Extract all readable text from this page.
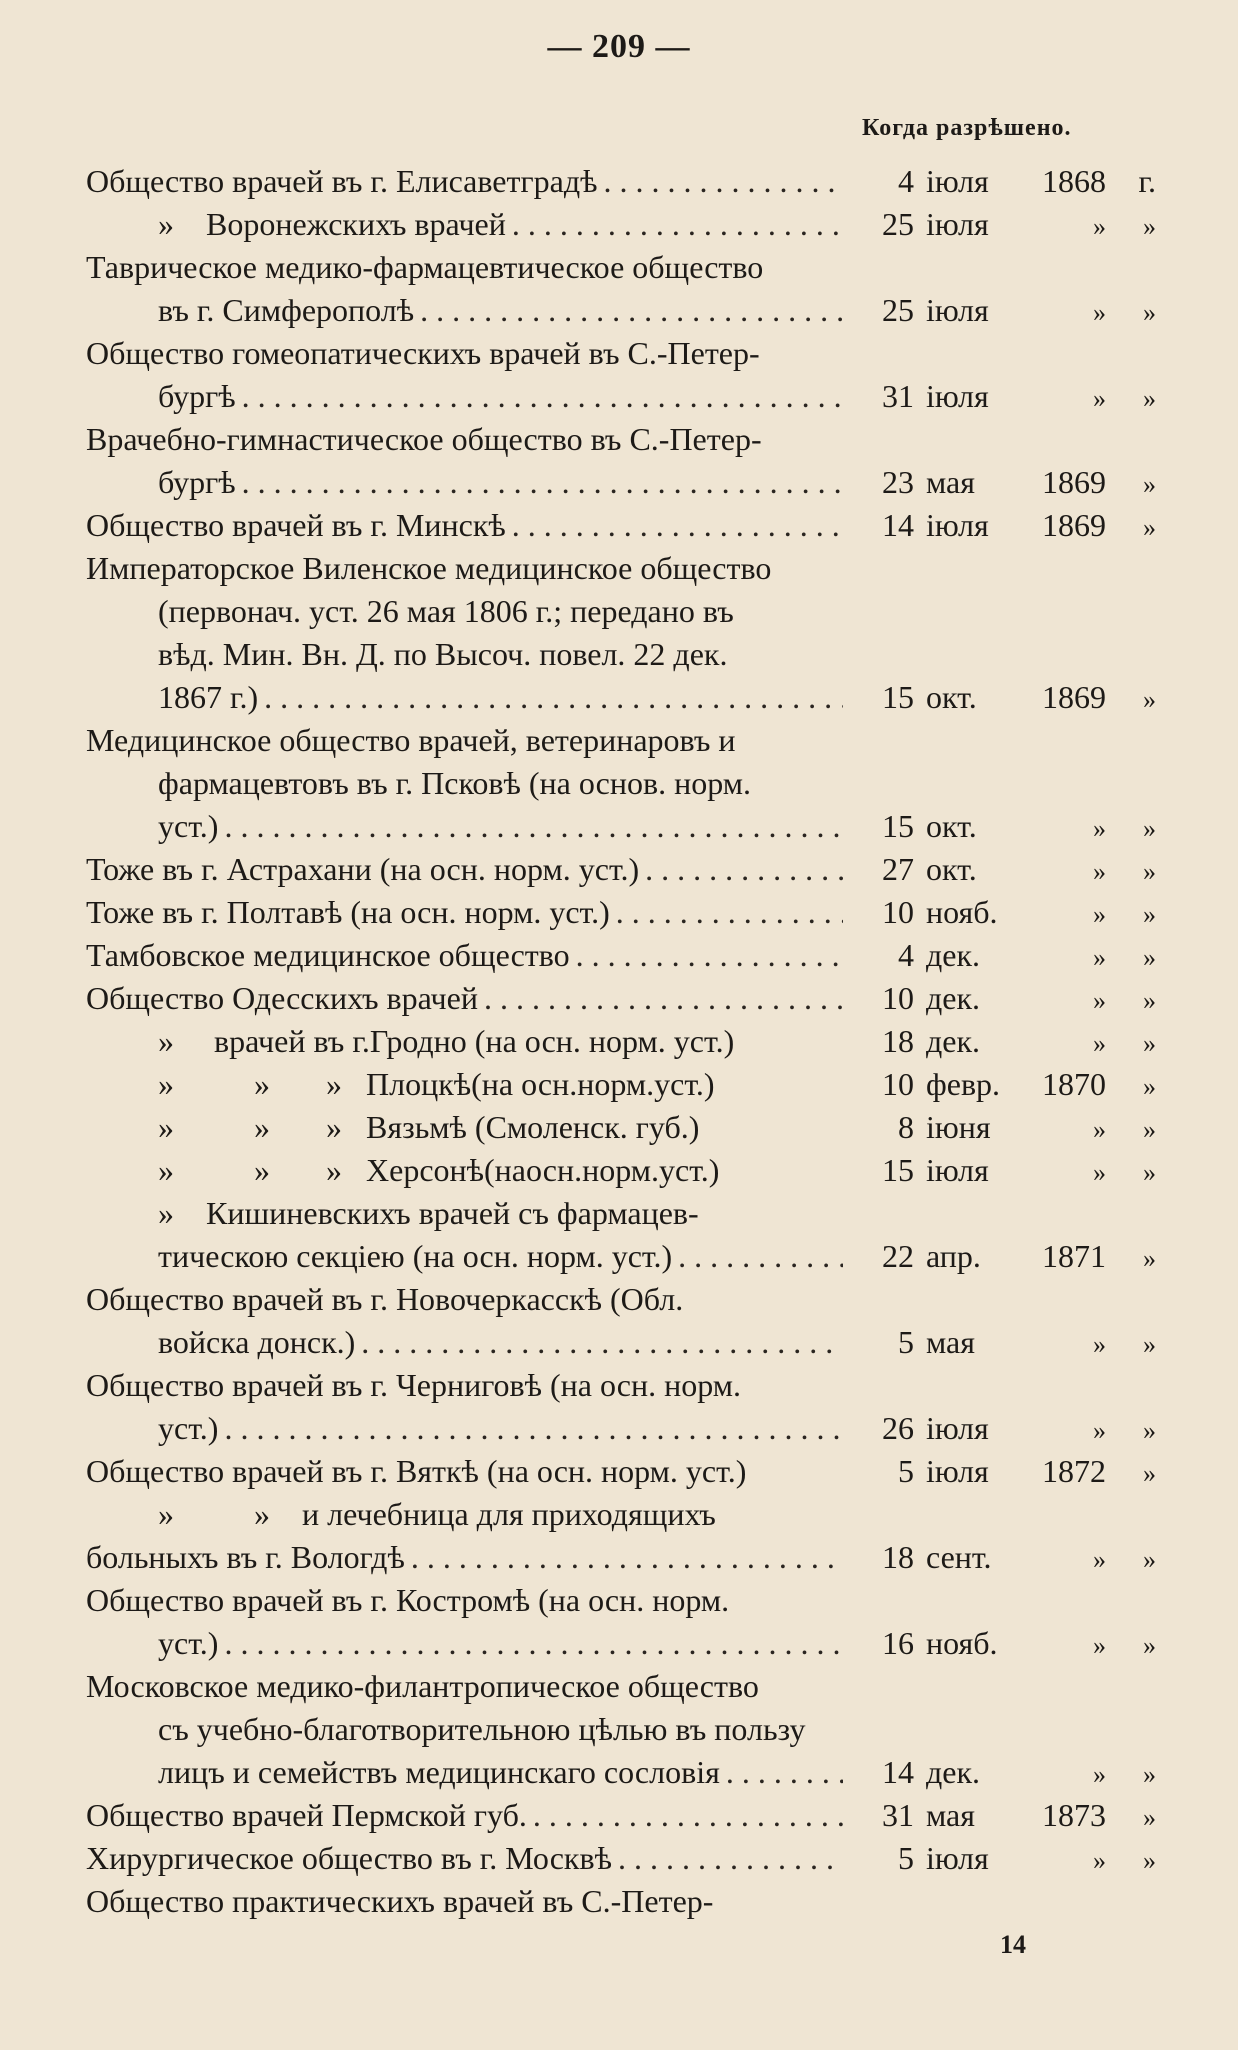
— 209 —
Когда разрѣшено.
Общество врачей въ г. Елисаветградѣ . . .	4 іюля	1868	г.
»    Воронежскихъ врачей . . .	25 іюля	»	»
Таврическое медико-фармацевтическое общество
въ г. Симферополѣ . . .	25 іюля	»	»
Общество гомеопатическихъ врачей въ С.-Петер-
бургѣ . . .	31 іюля	»	»
Врачебно-гимнастическое общество въ С.-Петер-
бургѣ . . .	23 мая	1869	»
Общество врачей въ г. Минскѣ . . .	14 іюля	1869	»
Императорское Виленское медицинское общество
(первонач. уст. 26 мая 1806 г.; передано въ
вѣд. Мин. Вн. Д. по Высоч. повел. 22 дек.
1867 г.) . . .	15 окт.	1869	»
Медицинское общество врачей, ветеринаровъ и
фармацевтовъ въ г. Псковѣ (на основ. норм.
уст.) . . .	15 окт.	»	»
Тоже въ г. Астрахани (на осн. норм. уст.) . . .	27 окт.	»	»
Тоже въ г. Полтавѣ (на осн. норм. уст.) . . .	10 нояб.	»	»
Тамбовское медицинское общество . . .	4 дек.	»	»
Общество Одесскихъ врачей . . .	10 дек.	»	»
»     врачей въ г.Гродно (на осн. норм. уст.)	18 дек.	»	»
»          »       »   Плоцкѣ(на осн.норм.уст.)	10 февр.	1870	»
»          »       »   Вязьмѣ (Смоленск. губ.)	8 іюня	»	»
»          »       »   Херсонѣ(наосн.норм.уст.)	15 іюля	»	»
»    Кишиневскихъ врачей съ фармацев-
тическою секціею (на осн. норм. уст.) . . .	22 апр.	1871	»
Общество врачей въ г. Новочеркасскѣ (Обл.
войска донск.) . . .	5 мая	»	»
Общество врачей въ г. Черниговѣ (на осн. норм.
уст.) . . .	26 іюля	»	»
Общество врачей въ г. Вяткѣ (на осн. норм. уст.)	5 іюля	1872	»
»          »    и лечебница для приходящихъ
больныхъ въ г. Вологдѣ . . .	18 сент.	»	»
Общество врачей въ г. Костромѣ (на осн. норм.
уст.) . . .	16 нояб.	»	»
Московское медико-филантропическое общество
съ учебно-благотворительною цѣлью въ пользу
лицъ и семействъ медицинскаго сословія . . .	14 дек.	»	»
Общество врачей Пермской губ. . . .	31 мая	1873	»
Хирургическое общество въ г. Москвѣ . . .	5 іюля	»	»
Общество практическихъ врачей въ С.-Петер-
14
